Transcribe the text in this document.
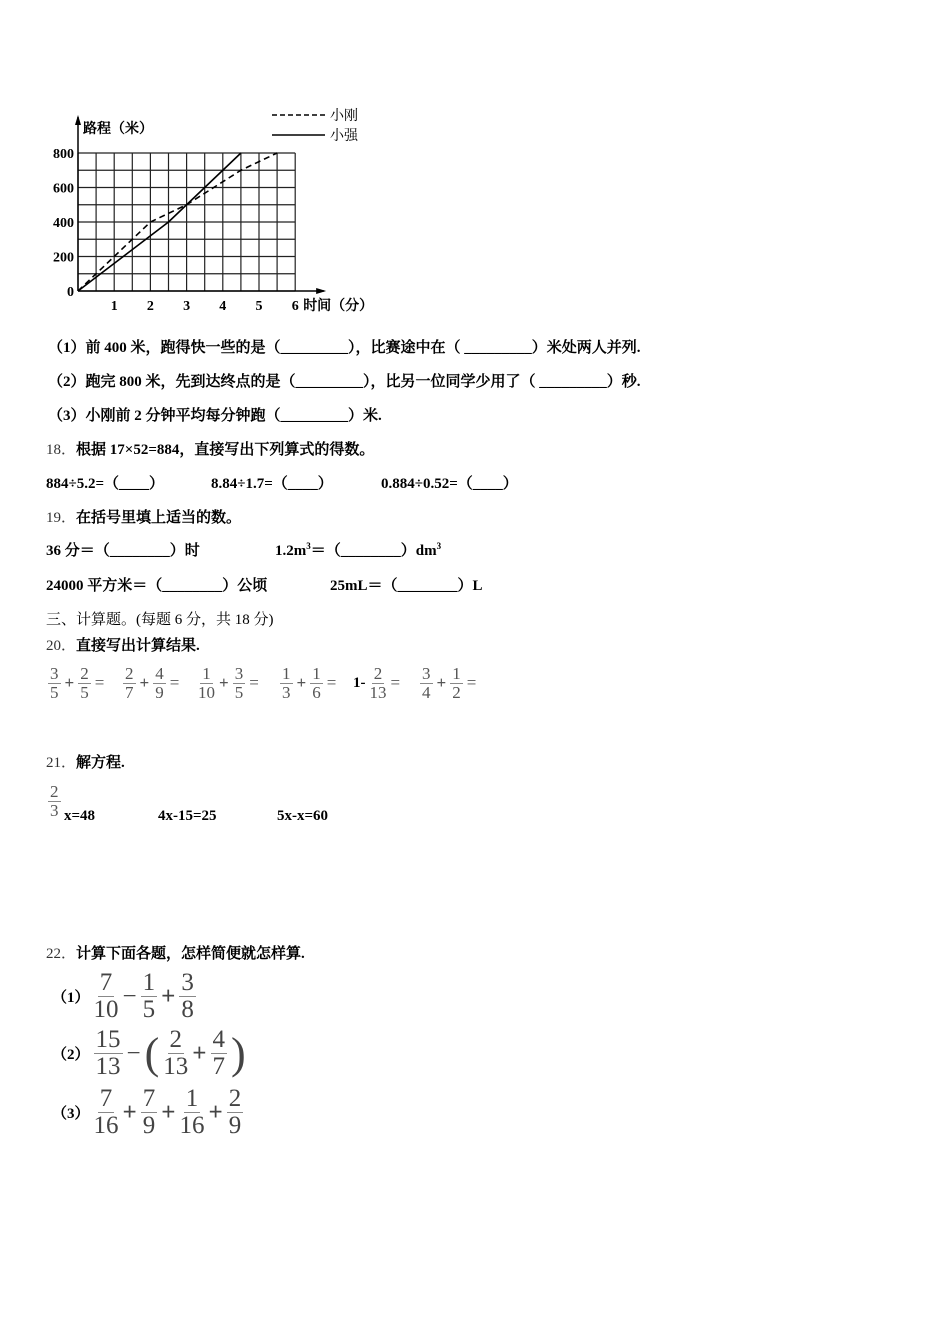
0
200
400
600
800
1 2 3 4 5 6 时间（分）
路程（米）
小刚
小强
（1）前 400 米，跑得快一些的是（_________），比赛途中在（ _________）米处两人并列.
（2）跑完 800 米，先到达终点的是（_________），比另一位同学少用了（ _________）秒.
（3）小刚前 2 分钟平均每分钟跑（_________）米.
18．根据 17×52=884，直接写出下列算式的得数。
884÷5.2=（____）	8.84÷1.7=（____）	0.884÷0.52=（____）
19．在括号里填上适当的数。
36 分＝（________）时	$1.2m^3=(\_\_\_\_\_\_\_\_)dm^3$
24000 平方米＝（________）公顷	25mL＝（________）L
三、计算题。(每题 6 分，共 18 分)
20．直接写出计算结果.
$\frac{3}{5} + \frac{2}{5} = \frac{2}{7} + \frac{4}{9} = \frac{1}{10} + \frac{3}{5} = \frac{1}{3} + \frac{1}{6} = 1- \frac{2}{13} = \frac{3}{4} + \frac{1}{2}$ =
21．解方程.
$\frac{2}{3} x=48$	4x-15=25	5x-x=60
22．计算下面各题，怎样简便就怎样算.
$(1) \frac{7}{10} - \frac{1}{5} + \frac{3}{8}$
$(2) \frac{15}{13}$ −( $\frac{2}{13} + \frac{4}{7}$ )
$(3) \frac{7}{16} + \frac{7}{9} + \frac{1}{16} + \frac{2}{9}$
